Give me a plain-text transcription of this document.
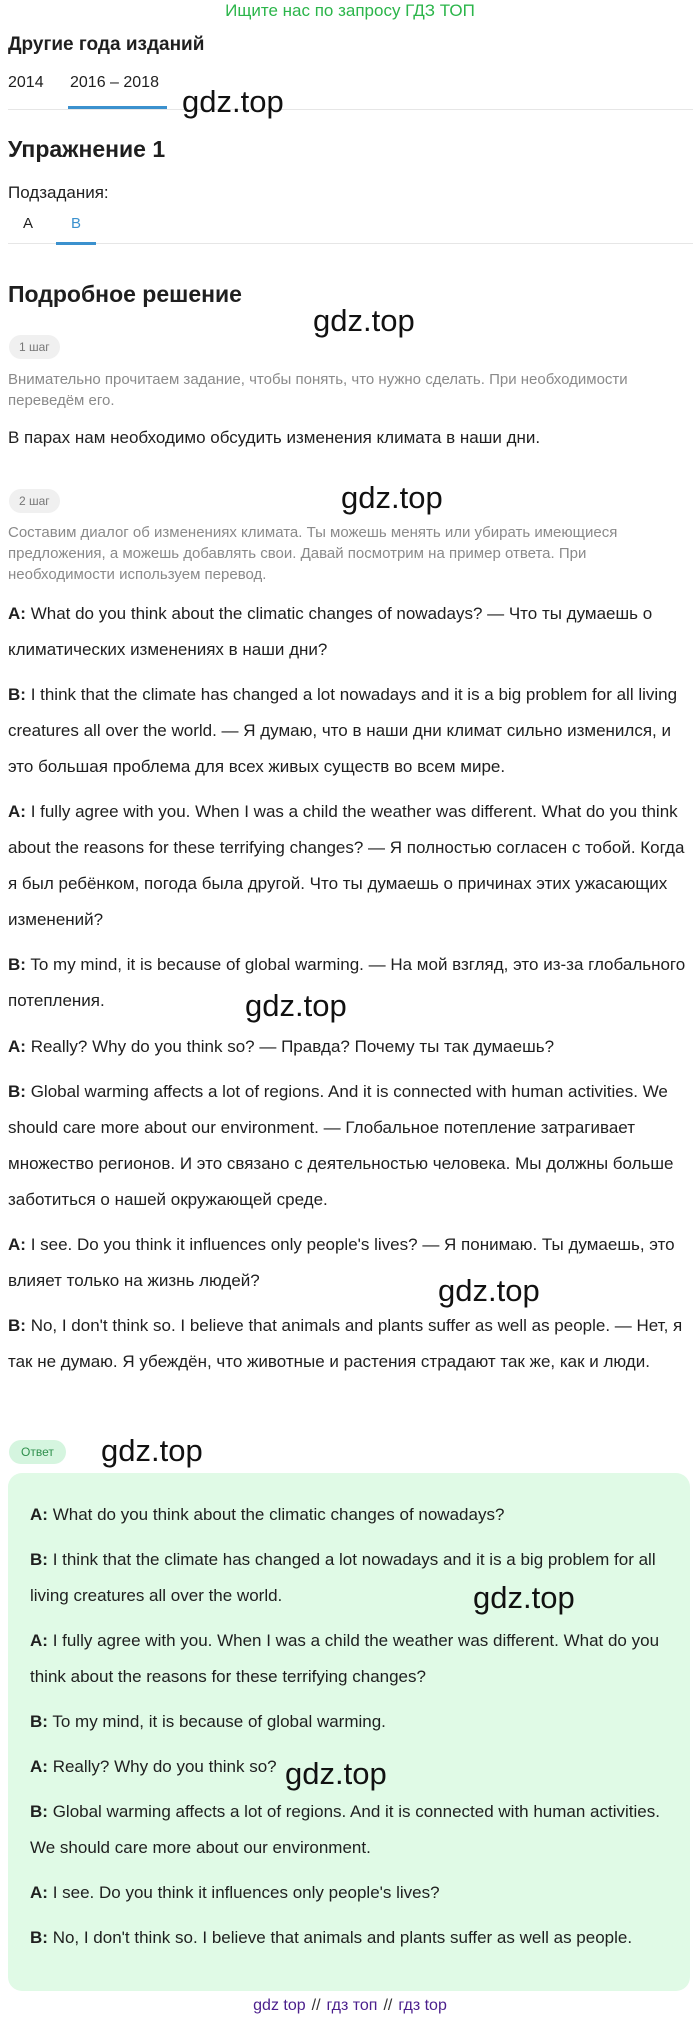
Ищите нас по запросу ГДЗ ТОП
Другие года изданий
2014 2016 – 2018
gdz.top
Упражнение 1
Подзадания:
A	B
Подробное решение
gdz.top
1 шаг
Внимательно прочитаем задание, чтобы понять, что нужно сделать. При необходимости переведём его.
В парах нам необходимо обсудить изменения климата в наши дни.
2 шаг	gdz.top
Составим диалог об изменениях климата. Ты можешь менять или убирать имеющиеся предложения, а можешь добавлять свои. Давай посмотрим на пример ответа. При необходимости используем перевод.
A: What do you think about the climatic changes of nowadays? — Что ты думаешь о климатических изменениях в наши дни?
B: I think that the climate has changed a lot nowadays and it is a big problem for all living creatures all over the world. — Я думаю, что в наши дни климат сильно изменился, и это большая проблема для всех живых существ во всем мире.
A: I fully agree with you. When I was a child the weather was different. What do you think about the reasons for these terrifying changes? — Я полностью согласен с тобой. Когда я был ребёнком, погода была другой. Что ты думаешь о причинах этих ужасающих изменений?
B: To my mind, it is because of global warming. — На мой взгляд, это из-за глобального потепления.	gdz.top
A: Really? Why do you think so? — Правда? Почему ты так думаешь?
B: Global warming affects a lot of regions. And it is connected with human activities. We should care more about our environment. — Глобальное потепление затрагивает множество регионов. И это связано с деятельностью человека. Мы должны больше заботиться о нашей окружающей среде.
A: I see. Do you think it influences only people's lives? — Я понимаю. Ты думаешь, это влияет только на жизнь людей?	gdz.top
B: No, I don't think so. I believe that animals and plants suffer as well as people. — Нет, я так не думаю. Я убеждён, что животные и растения страдают так же, как и люди.
Ответ	gdz.top
A: What do you think about the climatic changes of nowadays?
B: I think that the climate has changed a lot nowadays and it is a big problem for all living creatures all over the world.	gdz.top
A: I fully agree with you. When I was a child the weather was different. What do you think about the reasons for these terrifying changes?
B: To my mind, it is because of global warming.
A: Really? Why do you think so? gdz.top
B: Global warming affects a lot of regions. And it is connected with human activities. We should care more about our environment.
A: I see. Do you think it influences only people's lives?
B: No, I don't think so. I believe that animals and plants suffer as well as people.
gdz top // гдз топ // гдз top
